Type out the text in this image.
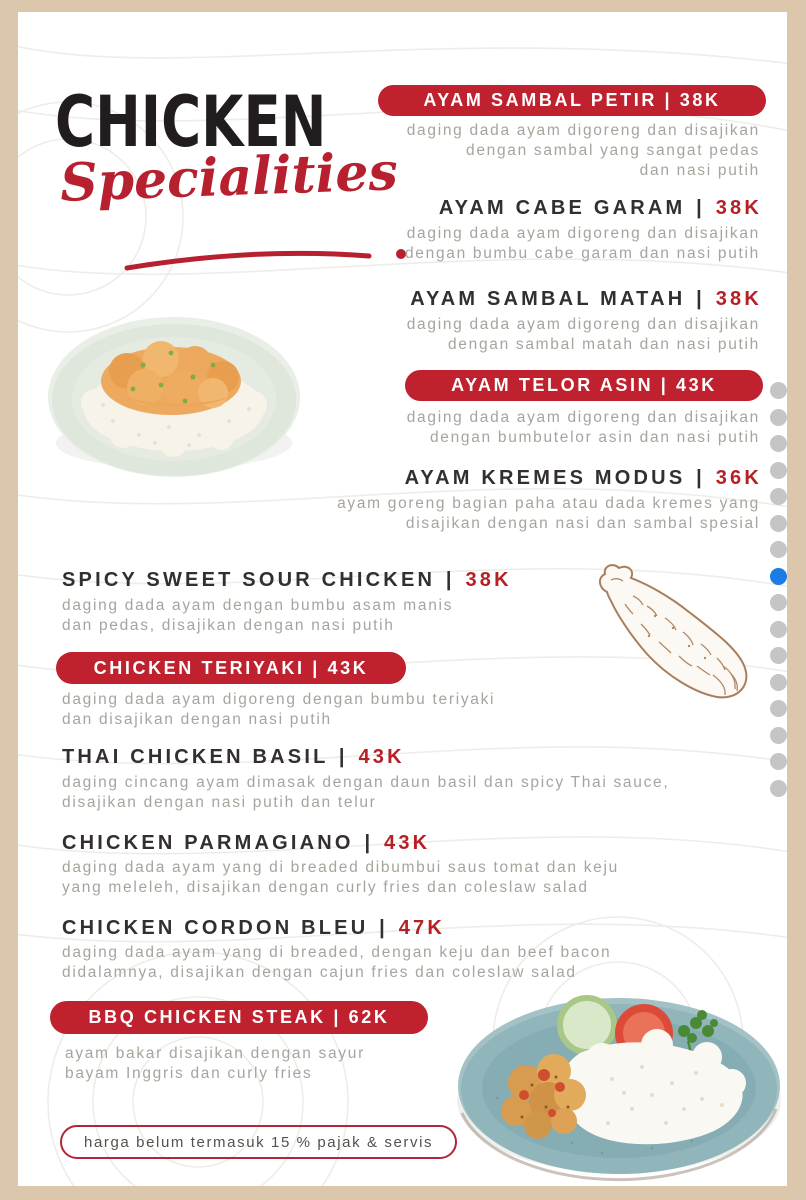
CHICKEN
Specialities
AYAM SAMBAL PETIR
|
38K
daging dada ayam digoreng dan disajikan
dengan sambal yang sangat pedas
dan nasi putih
AYAM CABE GARAM | 38K
daging dada ayam digoreng dan disajikan
dengan bumbu cabe garam dan nasi putih
AYAM SAMBAL MATAH | 38K
daging dada ayam digoreng dan disajikan
dengan sambal matah dan nasi putih
AYAM TELOR ASIN
|
43K
daging dada ayam digoreng dan disajikan
dengan bumbutelor asin dan nasi putih
AYAM KREMES MODUS | 36K
ayam goreng bagian paha atau dada kremes yang
disajikan dengan nasi dan sambal spesial
SPICY SWEET SOUR CHICKEN | 38K
daging dada ayam dengan bumbu asam manis
dan pedas, disajikan dengan nasi putih
CHICKEN TERIYAKI
|
43K
daging dada ayam digoreng dengan bumbu teriyaki
dan disajikan dengan nasi putih
THAI CHICKEN BASIL | 43K
daging cincang ayam dimasak dengan daun basil dan spicy Thai sauce,
disajikan dengan nasi putih dan telur
CHICKEN PARMAGIANO | 43K
daging dada ayam yang di breaded dibumbui saus tomat dan keju
yang meleleh, disajikan dengan curly fries dan coleslaw salad
CHICKEN CORDON BLEU | 47K
daging dada ayam yang di breaded, dengan keju dan beef bacon
didalamnya, disajikan dengan cajun fries dan coleslaw salad
BBQ CHICKEN STEAK
|
62K
ayam bakar disajikan dengan sayur
bayam Inggris dan curly fries
harga belum termasuk 15 % pajak & servis
